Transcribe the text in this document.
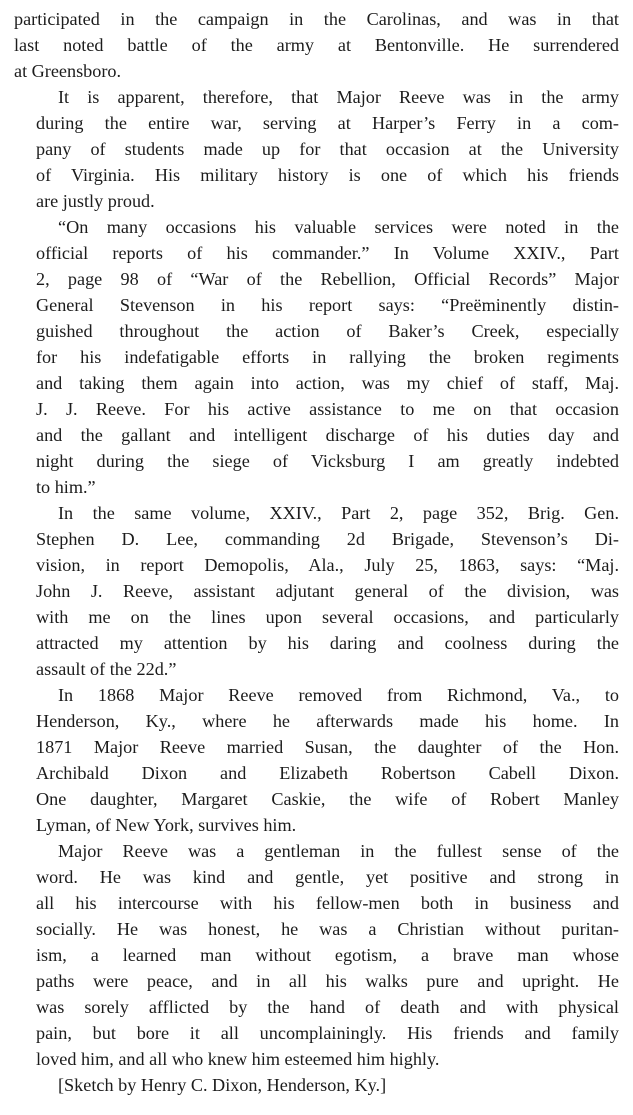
participated in the campaign in the Carolinas, and was in that
last noted battle of the army at Bentonville. He surrendered
at Greensboro.

It is apparent, therefore, that Major Reeve was in the army
during the entire war, serving at Harper’s Ferry in a com-
pany of students made up for that occasion at the University
of Virginia. His military history is one of which his friends
are justly proud.

“On many occasions his valuable services were noted in the
official reports of his commander.” In Volume XXIV., Part
2, page 98 of “War of the Rebellion, Official Records” Major
General Stevenson in his report says: “Preëminently distin-
guished throughout the action of Baker’s Creek, especially
for his indefatigable efforts in rallying the broken regiments
and taking them again into action, was my chief of staff, Maj.
J. J. Reeve. For his active assistance to me on that occasion
and the gallant and intelligent discharge of his duties day and
night during the siege of Vicksburg I am greatly indebted
to him.”

In the same volume, XXIV., Part 2, page 352, Brig. Gen.
Stephen D. Lee, commanding 2d Brigade, Stevenson’s Di-
vision, in report Demopolis, Ala., July 25, 1863, says: “Maj.
John J. Reeve, assistant adjutant general of the division, was
with me on the lines upon several occasions, and particularly
attracted my attention by his daring and coolness during the
assault of the 22d.”

In 1868 Major Reeve removed from Richmond, Va., to
Henderson, Ky., where he afterwards made his home. In
1871 Major Reeve married Susan, the daughter of the Hon.
Archibald Dixon and Elizabeth Robertson Cabell Dixon.
One daughter, Margaret Caskie, the wife of Robert Manley
Lyman, of New York, survives him.

Major Reeve was a gentleman in the fullest sense of the
word. He was kind and gentle, yet positive and strong in
all his intercourse with his fellow-men both in business and
socially. He was honest, he was a Christian without puritan-
ism, a learned man without egotism, a brave man whose
paths were peace, and in all his walks pure and upright. He
was sorely afflicted by the hand of death and with physical
pain, but bore it all uncomplainingly. His friends and family
loved him, and all who knew him esteemed him highly.

[Sketch by Henry C. Dixon, Henderson, Ky.]
